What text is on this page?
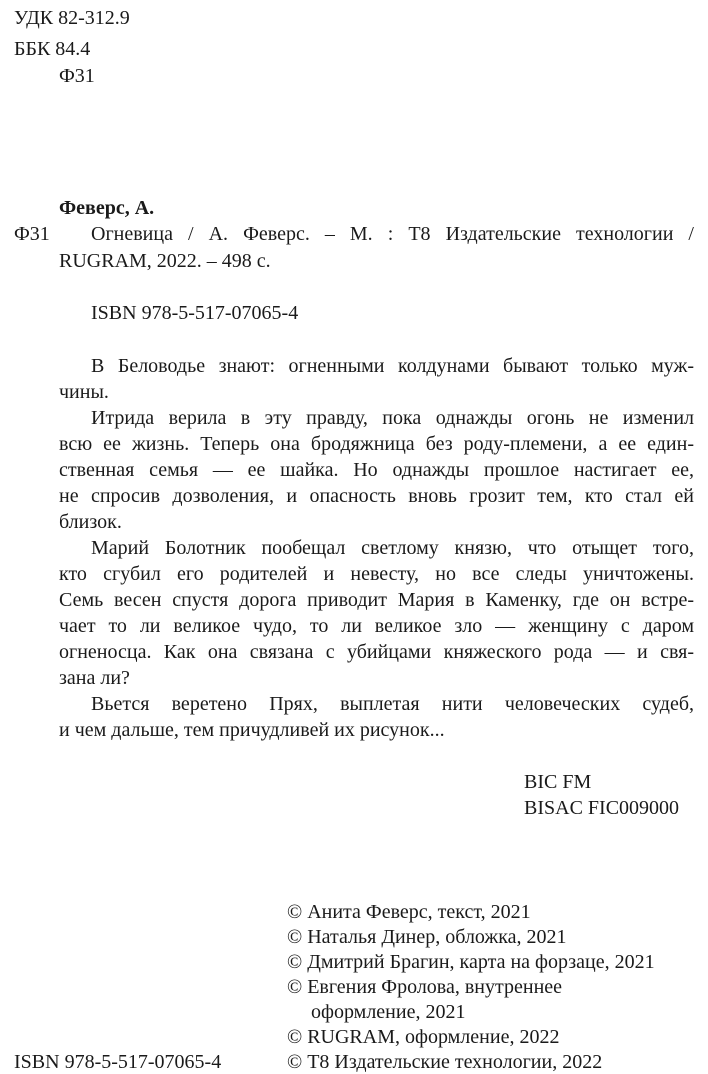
УДК 82-312.9
ББК 84.4
Ф31
Феверс, А.
Ф31 Огневица / А. Феверс. – М. : Т8 Издательские технологии /
RUGRAM, 2022. – 498 с.
ISBN 978-5-517-07065-4
В Беловодье знают: огненными колдунами бывают только муж-
чины.
Итрида верила в эту правду, пока однажды огонь не изменил
всю ее жизнь. Теперь она бродяжница без роду-племени, а ее един-
ственная семья — ее шайка. Но однажды прошлое настигает ее,
не спросив дозволения, и опасность вновь грозит тем, кто стал ей
близок.
Марий Болотник пообещал светлому князю, что отыщет того,
кто сгубил его родителей и невесту, но все следы уничтожены.
Семь весен спустя дорога приводит Мария в Каменку, где он встре-
чает то ли великое чудо, то ли великое зло — женщину с даром
огненосца. Как она связана с убийцами княжеского рода — и свя-
зана ли?
Вьется веретено Прях, выплетая нити человеческих судеб,
и чем дальше, тем причудливей их рисунок...
BIC FM
BISAC FIC009000
© Анита Феверс, текст, 2021
© Наталья Динер, обложка, 2021
© Дмитрий Брагин, карта на форзаце, 2021
© Евгения Фролова, внутреннее
оформление, 2021
© RUGRAM, оформление, 2022
© Т8 Издательские технологии, 2022
ISBN 978-5-517-07065-4
